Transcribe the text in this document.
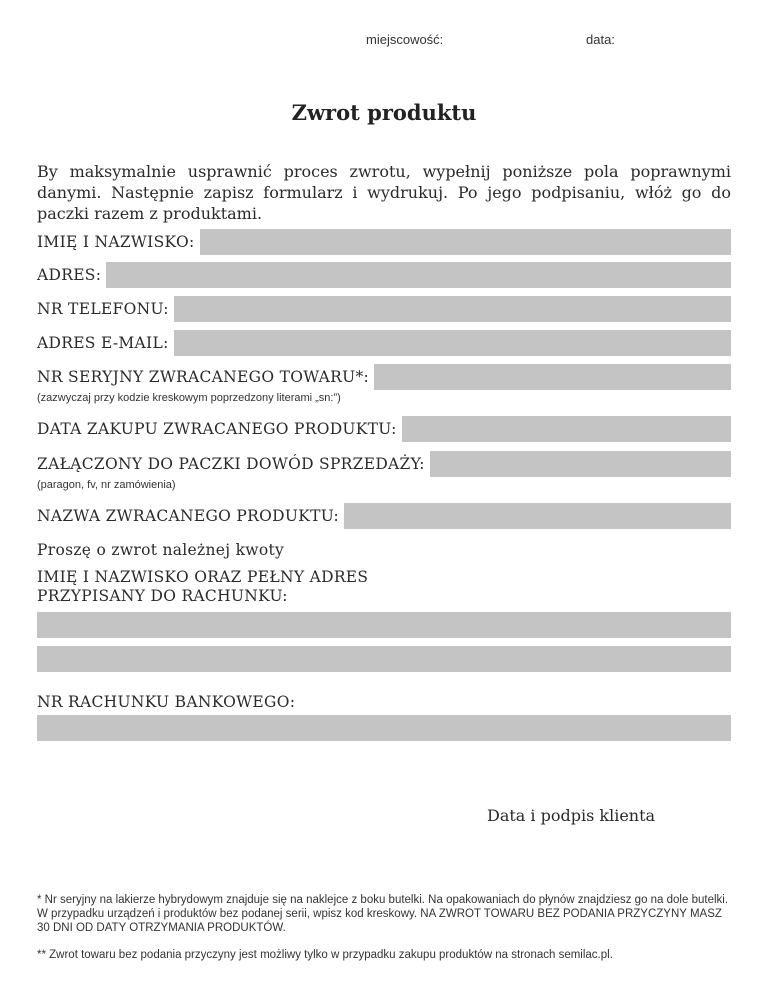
miejscowość:	data:
Zwrot produktu
By maksymalnie usprawnić proces zwrotu, wypełnij poniższe pola poprawnymi danymi. Następnie zapisz formularz i wydrukuj. Po jego podpisaniu, włóż go do paczki razem z produktami.
IMIĘ I NAZWISKO:
ADRES:
NR TELEFONU:
ADRES E-MAIL:
NR SERYJNY ZWRACANEGO TOWARU*:
(zazwyczaj przy kodzie kreskowym poprzedzony literami „sn:”)
DATA ZAKUPU ZWRACANEGO PRODUKTU:
ZAŁĄCZONY DO PACZKI DOWÓD SPRZEDAŻY:
(paragon, fv, nr zamówienia)
NAZWA ZWRACANEGO PRODUKTU:
Proszę o zwrot należnej kwoty
IMIĘ I NAZWISKO ORAZ PEŁNY ADRES
PRZYPISANY DO RACHUNKU:
NR RACHUNKU BANKOWEGO:
Data i podpis klienta
* Nr seryjny na lakierze hybrydowym znajduje się na naklejce z boku butelki. Na opakowaniach do płynów znajdziesz go na dole butelki. W przypadku urządzeń i produktów bez podanej serii, wpisz kod kreskowy. NA ZWROT TOWARU BEZ PODANIA PRZYCZYNY MASZ 30 DNI OD DATY OTRZYMANIA PRODUKTÓW.
** Zwrot towaru bez podania przyczyny jest możliwy tylko w przypadku zakupu produktów na stronach semilac.pl.
